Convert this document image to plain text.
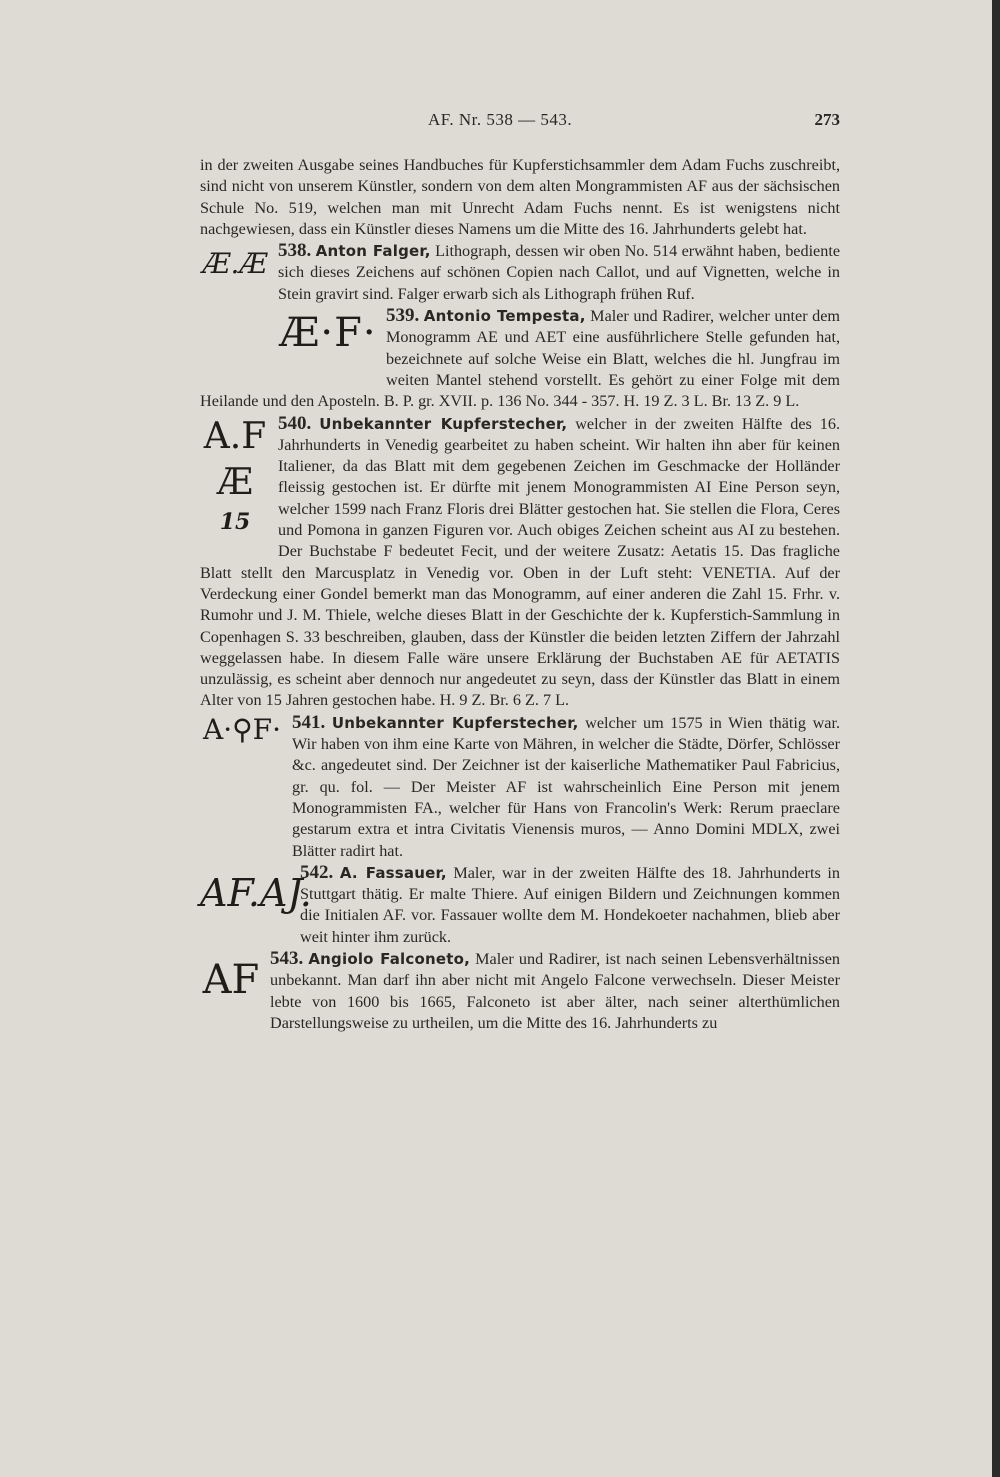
AF. Nr. 538 — 543.	273

in der zweiten Ausgabe seines Handbuches für Kupferstichsammler dem Adam Fuchs zuschreibt, sind nicht von unserem Künstler, sondern von dem alten Mongrammisten AF aus der sächsischen Schule No. 519, welchen man mit Unrecht Adam Fuchs nennt. Es ist wenigstens nicht nachgewiesen, dass ein Künstler dieses Namens um die Mitte des 16. Jahrhunderts gelebt hat.

Æ.Æ 538. Anton Falger, Lithograph, dessen wir oben No. 514 erwähnt haben, bediente sich dieses Zeichens auf schönen Copien nach Callot, und auf Vignetten, welche in Stein gravirt sind. Falger erwarb sich als Lithograph frühen Ruf.

Æ·F· 539. Antonio Tempesta, Maler und Radirer, welcher unter dem Monogramm AE und AET eine ausführlichere Stelle gefunden hat, bezeichnete auf solche Weise ein Blatt, welches die hl. Jungfrau im weiten Mantel stehend vorstellt. Es gehört zu einer Folge mit dem Heilande und den Aposteln. B. P. gr. XVII. p. 136 No. 344 - 357. H. 19 Z. 3 L. Br. 13 Z. 9 L.

A.F
Æ
15
540. Unbekannter Kupferstecher, welcher in der zweiten Hälfte des 16. Jahrhunderts in Venedig gearbeitet zu haben scheint. Wir halten ihn aber für keinen Italiener, da das Blatt mit dem gegebenen Zeichen im Geschmacke der Holländer fleissig gestochen ist. Er dürfte mit jenem Monogrammisten AI Eine Person seyn, welcher 1599 nach Franz Floris drei Blätter gestochen hat. Sie stellen die Flora, Ceres und Pomona in ganzen Figuren vor. Auch obiges Zeichen scheint aus AI zu bestehen. Der Buchstabe F bedeutet Fecit, und der weitere Zusatz: Aetatis 15. Das fragliche Blatt stellt den Marcusplatz in Venedig vor. Oben in der Luft steht: VENETIA. Auf der Verdeckung einer Gondel bemerkt man das Monogramm, auf einer anderen die Zahl 15. Frhr. v. Rumohr und J. M. Thiele, welche dieses Blatt in der Geschichte der k. Kupferstich-Sammlung in Copenhagen S. 33 beschreiben, glauben, dass der Künstler die beiden letzten Ziffern der Jahrzahl weggelassen habe. In diesem Falle wäre unsere Erklärung der Buchstaben AE für AETATIS unzulässig, es scheint aber dennoch nur angedeutet zu seyn, dass der Künstler das Blatt in einem Alter von 15 Jahren gestochen habe. H. 9 Z. Br. 6 Z. 7 L.

A·⚲F· 541. Unbekannter Kupferstecher, welcher um 1575 in Wien thätig war. Wir haben von ihm eine Karte von Mähren, in welcher die Städte, Dörfer, Schlösser &c. angedeutet sind. Der Zeichner ist der kaiserliche Mathematiker Paul Fabricius, gr. qu. fol. — Der Meister AF ist wahrscheinlich Eine Person mit jenem Monogrammisten FA., welcher für Hans von Francolin's Werk: Rerum praeclare gestarum extra et intra Civitatis Vienensis muros, — Anno Domini MDLX, zwei Blätter radirt hat.

AF.AJ.
542. A. Fassauer, Maler, war in der zweiten Hälfte des 18. Jahrhunderts in Stuttgart thätig. Er malte Thiere. Auf einigen Bildern und Zeichnungen kommen die Initialen AF. vor. Fassauer wollte dem M. Hondekoeter nachahmen, blieb aber weit hinter ihm zurück.

AF 543. Angiolo Falconeto, Maler und Radirer, ist nach seinen Lebensverhältnissen unbekannt. Man darf ihn aber nicht mit Angelo Falcone verwechseln. Dieser Meister lebte von 1600 bis 1665, Falconeto ist aber älter, nach seiner alterthümlichen Darstellungsweise zu urtheilen, um die Mitte des 16. Jahrhunderts zu
